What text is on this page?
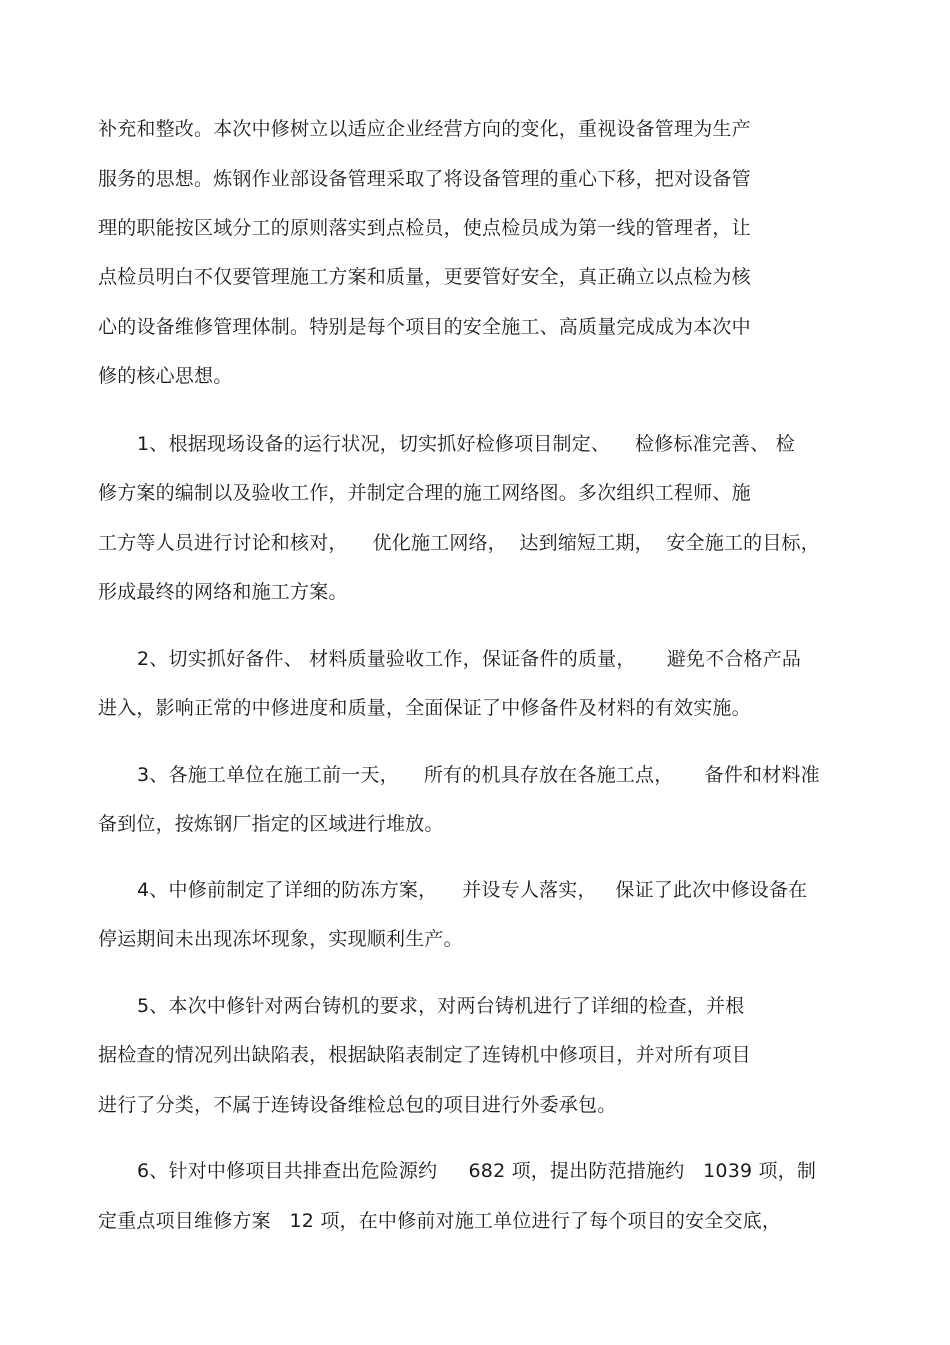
补充和整改。本次中修树立以适应企业经营方向的变化，重视设备管理为生产
服务的思想。炼钢作业部设备管理采取了将设备管理的重心下移，把对设备管
理的职能按区域分工的原则落实到点检员，使点检员成为第一线的管理者，让
点检员明白不仅要管理施工方案和质量，更要管好安全，真正确立以点检为核
心的设备维修管理体制。特别是每个项目的安全施工、高质量完成成为本次中
修的核心思想。
1、根据现场设备的运行状况，切实抓好检修项目制定、    检修标准完善、 检
修方案的编制以及验收工作，并制定合理的施工网络图。多次组织工程师、施
工方等人员进行讨论和核对，    优化施工网络，  达到缩短工期，  安全施工的目标，
形成最终的网络和施工方案。
2、切实抓好备件、 材料质量验收工作，保证备件的质量，     避免不合格产品
进入，影响正常的中修进度和质量，全面保证了中修备件及材料的有效实施。
3、各施工单位在施工前一天，    所有的机具存放在各施工点，     备件和材料准
备到位，按炼钢厂指定的区域进行堆放。
4、中修前制定了详细的防冻方案，    并设专人落实，   保证了此次中修设备在
停运期间未出现冻坏现象，实现顺利生产。
5、本次中修针对两台铸机的要求，对两台铸机进行了详细的检查，并根
据检查的情况列出缺陷表，根据缺陷表制定了连铸机中修项目，并对所有项目
进行了分类，不属于连铸设备维检总包的项目进行外委承包。
6、针对中修项目共排查出危险源约     682 项，提出防范措施约   1039 项，制
定重点项目维修方案   12 项，在中修前对施工单位进行了每个项目的安全交底，
